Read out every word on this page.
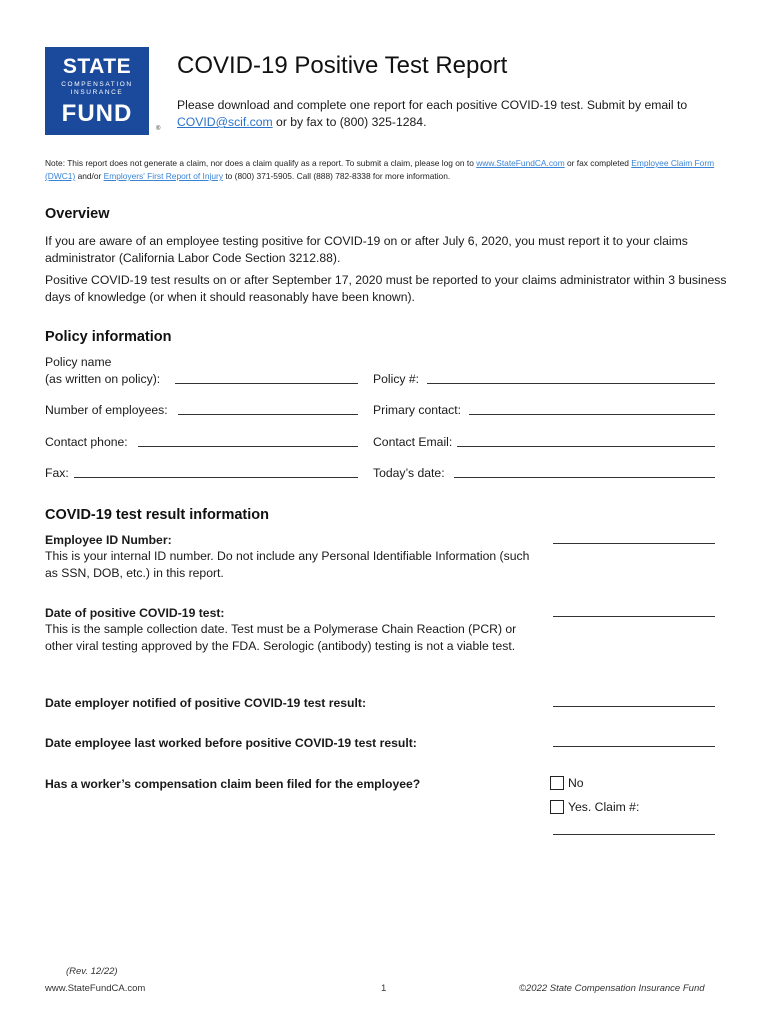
STATE
COMPENSATION
INSURANCE
FUND
®
COVID-19 Positive Test Report
Please download and complete one report for each positive COVID-19 test. Submit by email to
COVID@scif.com or by fax to (800) 325-1284.
Note: This report does not generate a claim, nor does a claim qualify as a report. To submit a claim, please log on to www.StateFundCA.com or fax completed Employee Claim Form (DWC1) and/or Employers' First Report of Injury to (800) 371-5905. Call (888) 782-8338 for more information.
Overview
If you are aware of an employee testing positive for COVID-19 on or after July 6, 2020, you must report it to your claims administrator (California Labor Code Section 3212.88).
Positive COVID-19 test results on or after September 17, 2020 must be reported to your claims administrator within 3 business days of knowledge (or when it should reasonably have been known).
Policy information
Policy name
(as written on policy):	Policy #:
Number of employees:	Primary contact:
Contact phone:	Contact Email:
Fax:	Today’s date:
COVID-19 test result information
Employee ID Number:
This is your internal ID number. Do not include any Personal Identifiable Information (such as SSN, DOB, etc.) in this report.
Date of positive COVID-19 test:
This is the sample collection date. Test must be a Polymerase Chain Reaction (PCR) or other viral testing approved by the FDA. Serologic (antibody) testing is not a viable test.
Date employer notified of positive COVID-19 test result:
Date employee last worked before positive COVID-19 test result:
Has a worker’s compensation claim been filed for the employee?	No
Yes. Claim #:
(Rev. 12/22)
www.StateFundCA.com	1	©2022 State Compensation Insurance Fund
